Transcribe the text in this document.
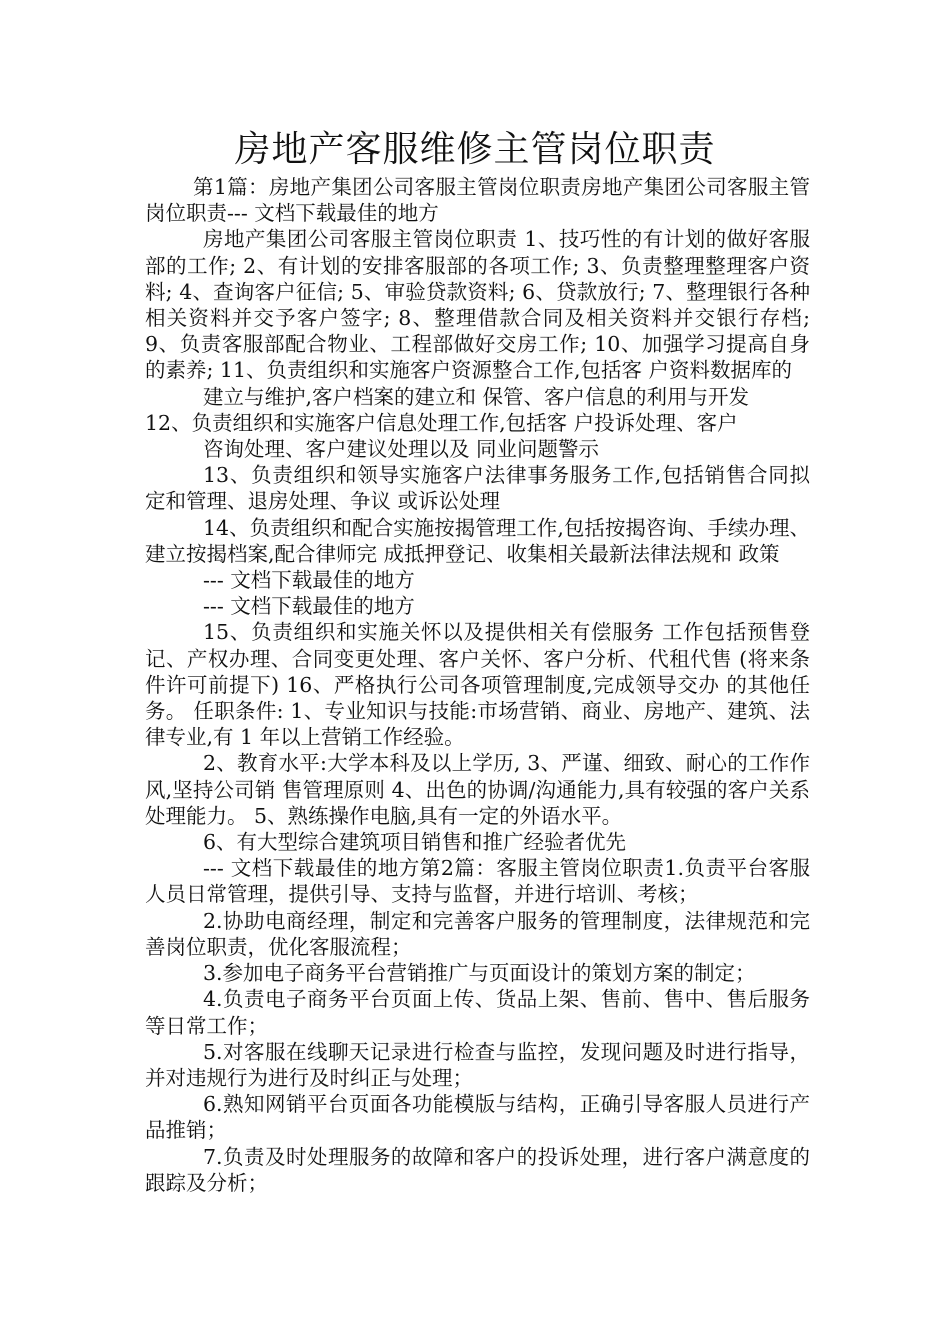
房地产客服维修主管岗位职责

第1篇：房地产集团公司客服主管岗位职责房地产集团公司客服主管岗位职责--- 文档下载最佳的地方

房地产集团公司客服主管岗位职责 1、技巧性的有计划的做好客服部的工作; 2、有计划的安排客服部的各项工作; 3、负责整理整理客户资料; 4、查询客户征信; 5、审验贷款资料; 6、贷款放行; 7、整理银行各种相关资料并交予客户签字; 8、整理借款合同及相关资料并交银行存档; 9、负责客服部配合物业、工程部做好交房工作; 10、加强学习提高自身的素养; 11、负责组织和实施客户资源整合工作,包括客 户资料数据库的

建立与维护,客户档案的建立和 保管、客户信息的利用与开发

12、负责组织和实施客户信息处理工作,包括客 户投诉处理、客户

咨询处理、客户建议处理以及 同业问题警示

13、负责组织和领导实施客户法律事务服务工作,包括销售合同拟 定和管理、退房处理、争议 或诉讼处理

14、负责组织和配合实施按揭管理工作,包括按揭咨询、手续办理、建立按揭档案,配合律师完 成抵押登记、收集相关最新法律法规和 政策

--- 文档下载最佳的地方

--- 文档下载最佳的地方

15、负责组织和实施关怀以及提供相关有偿服务 工作包括预售登 记、产权办理、合同变更处理、客户关怀、客户分析、代租代售 (将来条件许可前提下) 16、严格执行公司各项管理制度,完成领导交办 的其他任务。 任职条件: 1、专业知识与技能:市场营销、商业、房地产、建筑、法律专业,有 1 年以上营销工作经验。

2、教育水平:大学本科及以上学历, 3、严谨、细致、耐心的工作作风,坚持公司销 售管理原则 4、出色的协调/沟通能力,具有较强的客户关系 处理能力。 5、熟练操作电脑,具有一定的外语水平。

6、有大型综合建筑项目销售和推广经验者优先

--- 文档下载最佳的地方第2篇：客服主管岗位职责1.负责平台客服人员日常管理，提供引导、支持与监督，并进行培训、考核；

2.协助电商经理，制定和完善客户服务的管理制度，法律规范和完善岗位职责，优化客服流程；

3.参加电子商务平台营销推广与页面设计的策划方案的制定；

4.负责电子商务平台页面上传、货品上架、售前、售中、售后服务等日常工作；

5.对客服在线聊天记录进行检查与监控，发现问题及时进行指导，并对违规行为进行及时纠正与处理；

6.熟知网销平台页面各功能模版与结构，正确引导客服人员进行产品推销；

7.负责及时处理服务的故障和客户的投诉处理，进行客户满意度的跟踪及分析；
